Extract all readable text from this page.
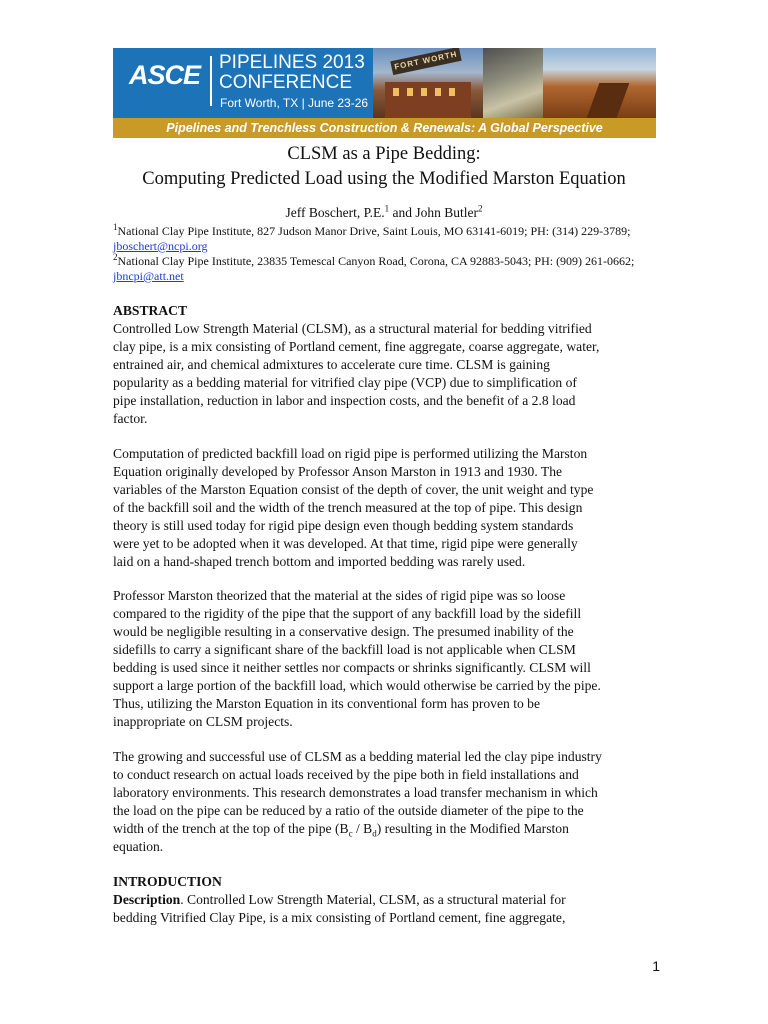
ASCE PIPELINES 2013
CONFERENCE
Fort Worth, TX | June 23-26
FORT WORTH
Pipelines and Trenchless Construction & Renewals: A Global Perspective
CLSM as a Pipe Bedding:
Computing Predicted Load using the Modified Marston Equation
Jeff Boschert, P.E.$^1$ and John Butler$^2$
$^1$National Clay Pipe Institute, 827 Judson Manor Drive, Saint Louis, MO 63141-6019; PH: (314) 229-3789; jboschert@ncpi.org
$^2$National Clay Pipe Institute, 23835 Temescal Canyon Road, Corona, CA 92883-5043; PH: (909) 261-0662; jbncpi@att.net
ABSTRACT
Controlled Low Strength Material (CLSM), as a structural material for bedding vitrified
clay pipe, is a mix consisting of Portland cement, fine aggregate, coarse aggregate, water,
entrained air, and chemical admixtures to accelerate cure time. CLSM is gaining
popularity as a bedding material for vitrified clay pipe (VCP) due to simplification of
pipe installation, reduction in labor and inspection costs, and the benefit of a 2.8 load
factor.
Computation of predicted backfill load on rigid pipe is performed utilizing the Marston
Equation originally developed by Professor Anson Marston in 1913 and 1930. The
variables of the Marston Equation consist of the depth of cover, the unit weight and type
of the backfill soil and the width of the trench measured at the top of pipe. This design
theory is still used today for rigid pipe design even though bedding system standards
were yet to be adopted when it was developed. At that time, rigid pipe were generally
laid on a hand-shaped trench bottom and imported bedding was rarely used.
Professor Marston theorized that the material at the sides of rigid pipe was so loose
compared to the rigidity of the pipe that the support of any backfill load by the sidefill
would be negligible resulting in a conservative design. The presumed inability of the
sidefills to carry a significant share of the backfill load is not applicable when CLSM
bedding is used since it neither settles nor compacts or shrinks significantly. CLSM will
support a large portion of the backfill load, which would otherwise be carried by the pipe.
Thus, utilizing the Marston Equation in its conventional form has proven to be
inappropriate on CLSM projects.
The growing and successful use of CLSM as a bedding material led the clay pipe industry
to conduct research on actual loads received by the pipe both in field installations and
laboratory environments. This research demonstrates a load transfer mechanism in which
the load on the pipe can be reduced by a ratio of the outside diameter of the pipe to the
width of the trench at the top of the pipe $(B_c / B_d)$ resulting in the Modified Marston
equation.
INTRODUCTION
Description. Controlled Low Strength Material, CLSM, as a structural material for
bedding Vitrified Clay Pipe, is a mix consisting of Portland cement, fine aggregate,
1
